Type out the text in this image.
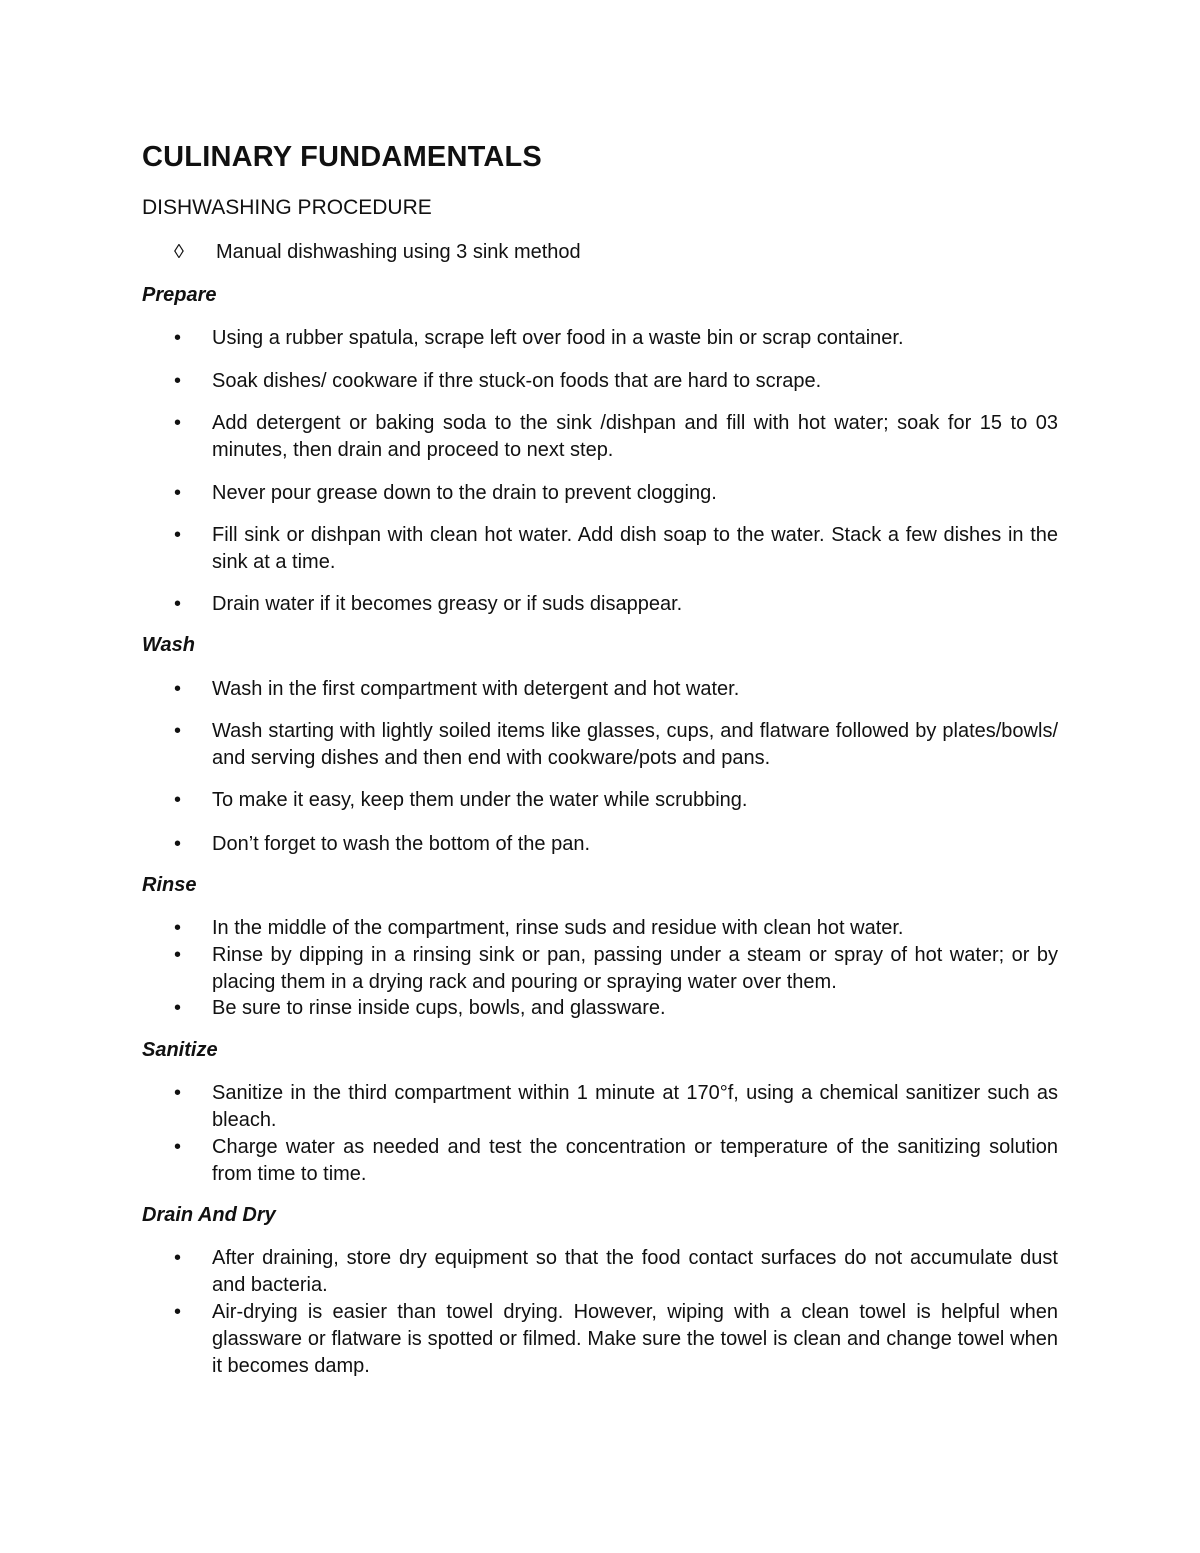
CULINARY FUNDAMENTALS
DISHWASHING PROCEDURE
◊ Manual dishwashing using 3 sink method
Prepare
•	Using a rubber spatula, scrape left over food in a waste bin or scrap container.
•	Soak dishes/ cookware if thre stuck-on foods that are hard to scrape.
•	Add detergent or baking soda to the sink /dishpan and fill with hot water; soak for 15 to 03 minutes, then drain and proceed to next step.
•	Never pour grease down to the drain to prevent clogging.
•	Fill sink or dishpan with clean hot water. Add dish soap to the water. Stack a few dishes in the sink at a time.
•	Drain water if it becomes greasy or if suds disappear.
Wash
•	Wash in the first compartment with detergent and hot water.
•	Wash starting with lightly soiled items like glasses, cups, and flatware followed by plates/bowls/ and serving dishes and then end with cookware/pots and pans.
•	To make it easy, keep them under the water while scrubbing.
•	Don’t forget to wash the bottom of the pan.
Rinse
•	In the middle of the compartment, rinse suds and residue with clean hot water.
•	Rinse by dipping in a rinsing sink or pan, passing under a steam or spray of hot water; or by placing them in a drying rack and pouring or spraying water over them.
•	Be sure to rinse inside cups, bowls, and glassware.
Sanitize
•	Sanitize in the third compartment within 1 minute at 170°f, using a chemical sanitizer such as bleach.
•	Charge water as needed and test the concentration or temperature of the sanitizing solution from time to time.
Drain And Dry
•	After draining, store dry equipment so that the food contact surfaces do not accumulate dust and bacteria.
•	Air-drying is easier than towel drying. However, wiping with a clean towel is helpful when glassware or flatware is spotted or filmed. Make sure the towel is clean and change towel when it becomes damp.
